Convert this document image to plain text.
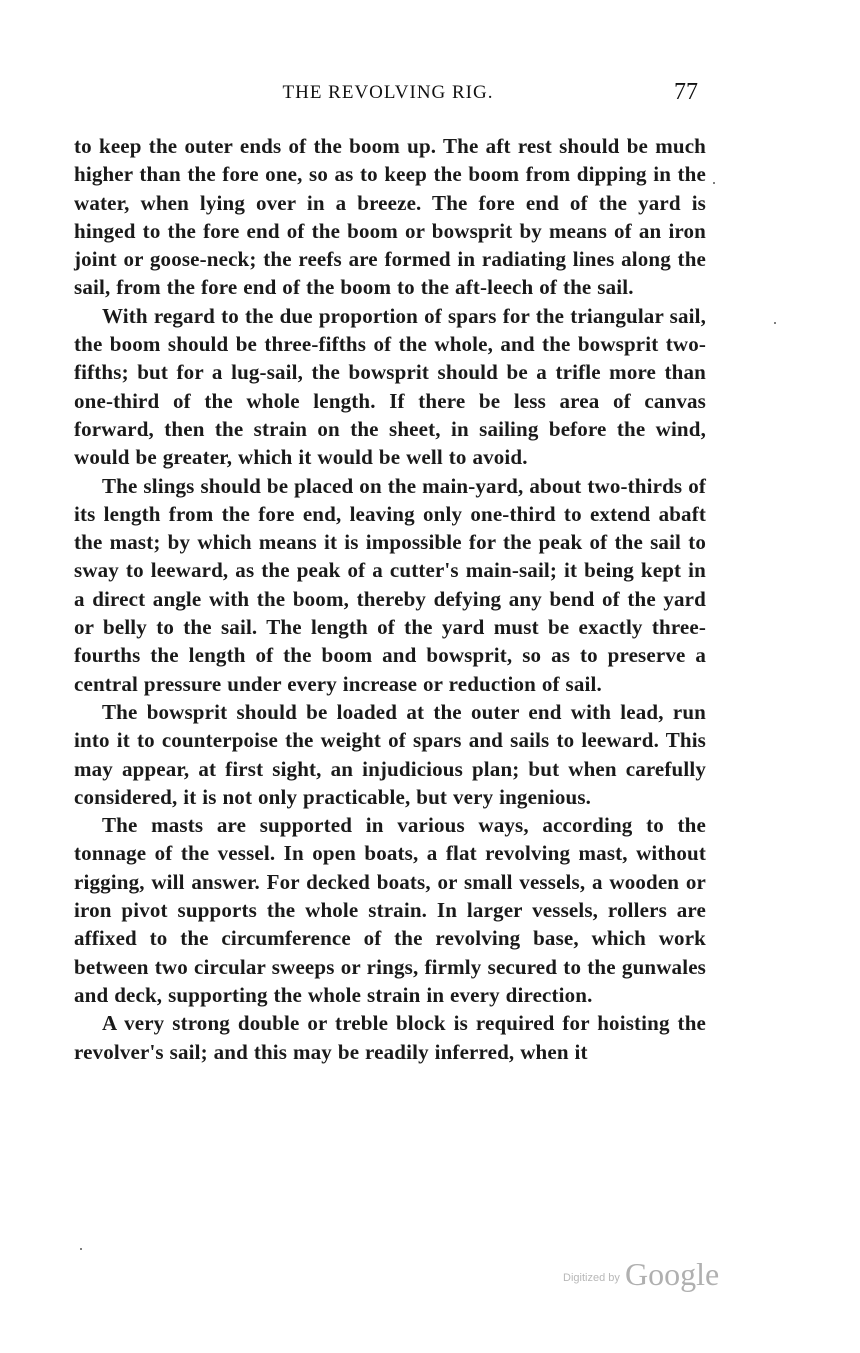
THE REVOLVING RIG.	77

to keep the outer ends of the boom up. The aft rest should be much higher than the fore one, so as to keep the boom from dipping in the water, when lying over in a breeze. The fore end of the yard is hinged to the fore end of the boom or bowsprit by means of an iron joint or goose-neck; the reefs are formed in radiating lines along the sail, from the fore end of the boom to the aft-leech of the sail.

With regard to the due proportion of spars for the triangular sail, the boom should be three-fifths of the whole, and the bowsprit two-fifths; but for a lug-sail, the bowsprit should be a trifle more than one-third of the whole length. If there be less area of canvas forward, then the strain on the sheet, in sailing before the wind, would be greater, which it would be well to avoid.

The slings should be placed on the main-yard, about two-thirds of its length from the fore end, leaving only one-third to extend abaft the mast; by which means it is impossible for the peak of the sail to sway to leeward, as the peak of a cutter's main-sail; it being kept in a direct angle with the boom, thereby defying any bend of the yard or belly to the sail. The length of the yard must be exactly three-fourths the length of the boom and bowsprit, so as to preserve a central pressure under every increase or reduction of sail.

The bowsprit should be loaded at the outer end with lead, run into it to counterpoise the weight of spars and sails to leeward. This may appear, at first sight, an injudicious plan; but when carefully considered, it is not only practicable, but very ingenious.

The masts are supported in various ways, according to the tonnage of the vessel. In open boats, a flat revolving mast, without rigging, will answer. For decked boats, or small vessels, a wooden or iron pivot supports the whole strain. In larger vessels, rollers are affixed to the circumference of the revolving base, which work between two circular sweeps or rings, firmly secured to the gunwales and deck, supporting the whole strain in every direction.

A very strong double or treble block is required for hoisting the revolver's sail; and this may be readily inferred, when it

$^{Digitized by}$ Google
